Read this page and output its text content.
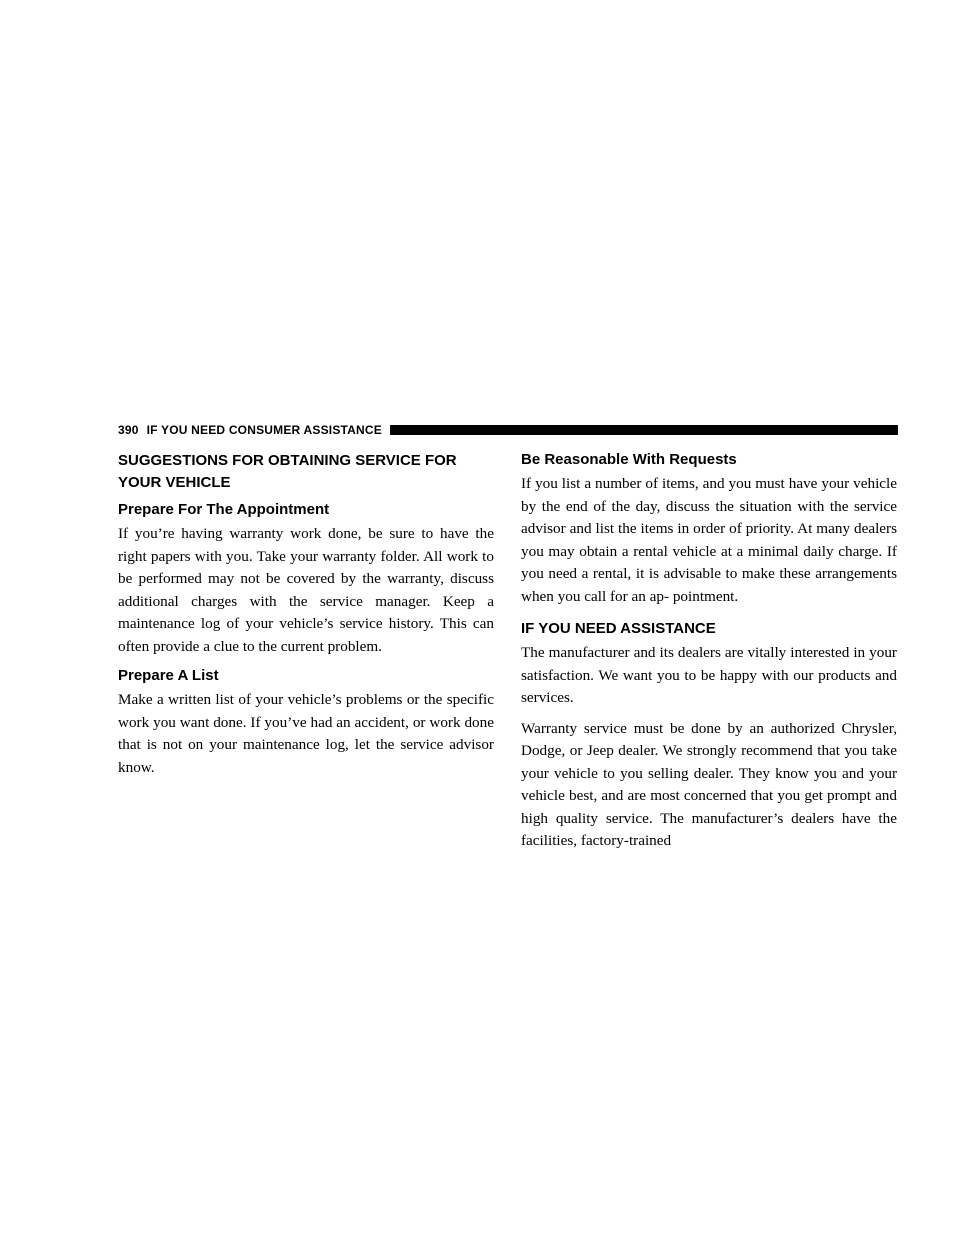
390 IF YOU NEED CONSUMER ASSISTANCE
SUGGESTIONS FOR OBTAINING SERVICE FOR YOUR VEHICLE
Prepare For The Appointment

If you’re having warranty work done, be sure to have the right papers with you. Take your warranty folder. All work to be performed may not be covered by the warranty, discuss additional charges with the service manager. Keep a maintenance log of your vehicle’s service history. This can often provide a clue to the current problem.

Prepare A List

Make a written list of your vehicle’s problems or the specific work you want done. If you’ve had an accident, or work done that is not on your maintenance log, let the service advisor know.

Be Reasonable With Requests

If you list a number of items, and you must have your vehicle by the end of the day, discuss the situation with the service advisor and list the items in order of priority. At many dealers you may obtain a rental vehicle at a minimal daily charge. If you need a rental, it is advisable to make these arrangements when you call for an ap- pointment.

IF YOU NEED ASSISTANCE

The manufacturer and its dealers are vitally interested in your satisfaction. We want you to be happy with our products and services.

Warranty service must be done by an authorized Chrysler, Dodge, or Jeep dealer. We strongly recommend that you take your vehicle to you selling dealer. They know you and your vehicle best, and are most concerned that you get prompt and high quality service. The manufacturer’s dealers have the facilities, factory-trained
